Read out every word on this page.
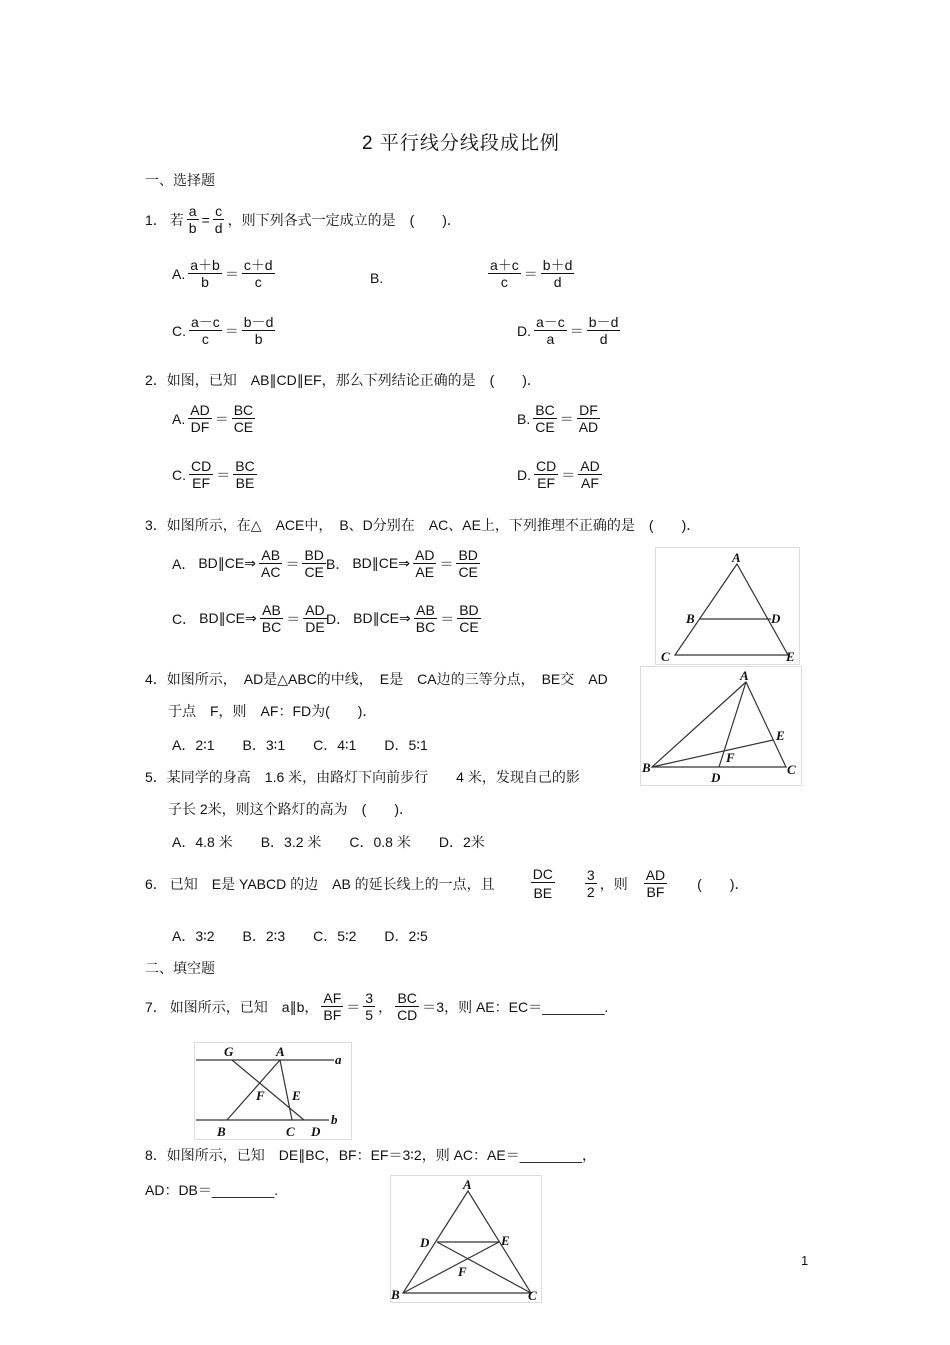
2 平行线分线段成比例
一、选择题
1． 若 $\frac{a}{b} = \frac{c}{d}$ ，则下列各式一定成立的是　(　　)．
A. $\frac{a+b}{b} = \frac{c+d}{c}$	B.	$\frac{a+c}{c} = \frac{b+d}{d}$
C. $\frac{a-c}{c} = \frac{b-d}{b}$	D. $\frac{a-c}{a} = \frac{b-d}{d}$
2．如图，已知　AB∥CD∥EF，那么下列结论正确的是　(　　)．
A. $\frac{AD}{DF} = \frac{BC}{CE}$	B. $\frac{BC}{CE} = \frac{DF}{AD}$
C. $\frac{CD}{EF} = \frac{BC}{BE}$	D. $\frac{CD}{EF} = \frac{AD}{AF}$
3．如图所示，在△　ACE中，　B、D分别在　AC、AE上，下列推理不正确的是　(　　)．
A． BD∥CE⇒ $\frac{AB}{AC} = \frac{BD}{CE}$ B． BD∥CE⇒ $\frac{AD}{AE} = \frac{BD}{CE}$
C． BD∥CE⇒ $\frac{AB}{BC} = \frac{AD}{DE}$ D． BD∥CE⇒ $\frac{AB}{BC} = \frac{BD}{CE}$
A
B	D
C	E
4．如图所示，　AD是△ABC的中线，　E是　CA边的三等分点，　BE交　AD
于点　F，则　AF：FD为(　　)．
A．2∶1　　B．3∶1　　C．4∶1　　D．5∶1
A
E
F
B
D
C
5．某同学的身高　1.6 米，由路灯下向前步行　　4 米，发现自己的影
子长 2米，则这个路灯的高为　(　　)．
A．4.8 米　　B．3.2 米　　C．0.8 米　　D．2米
6． 已知　E是 YABCD 的边　AB 的延长线上的一点，且	$\frac{DC}{BE} \frac{3}{2}$ ，则 $\frac{AD}{BF}$ (　　)．
A．3∶2　　B．2∶3　　C．5∶2　　D．2∶5
二、填空题
7． 如图所示，已知　a∥b， $\frac{AF}{BF} = \frac{3}{5}$ ， $\frac{BC}{CD} =3$，则 AE：EC＝________.
G	A
a
F E
B	C D
b
8．如图所示，已知　DE∥BC，BF：EF＝3∶2，则 AC：AE＝________，
AD：DB＝________.	A
D	E
F
B	C
1
